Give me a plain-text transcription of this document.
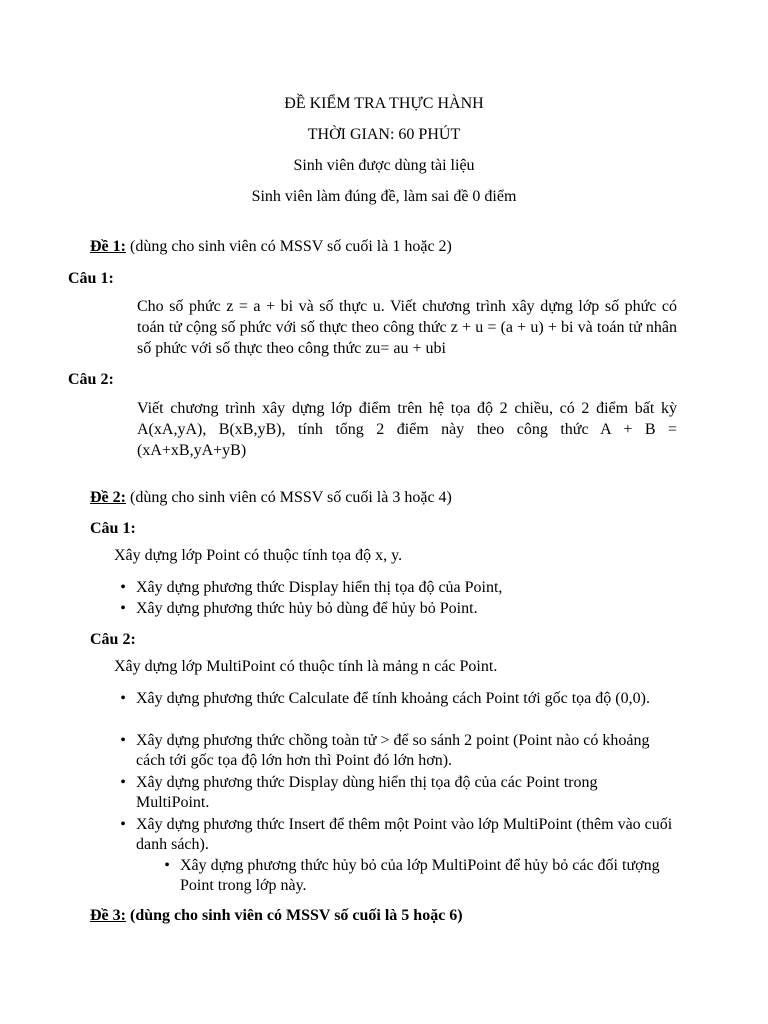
ĐỀ KIỂM TRA THỰC HÀNH
THỜI GIAN: 60 PHÚT
Sinh viên được dùng tài liệu
Sinh viên làm đúng đề, làm sai đề 0 điểm
Đề 1: (dùng cho sinh viên có MSSV số cuối là 1 hoặc 2)
Câu 1:
Cho số phức z = a + bi và số thực u. Viết chương trình xây dựng lớp số phức có toán tử cộng số phức với số thực theo công thức z + u = (a + u) + bi và toán tử nhân số phức với số thực theo công thức zu= au + ubi
Câu 2:
Viết chương trình xây dựng lớp điểm trên hệ tọa độ 2 chiều, có 2 điểm bất kỳ A(xA,yA), B(xB,yB), tính tổng 2 điểm này theo công thức A + B = (xA+xB,yA+yB)
Đề 2: (dùng cho sinh viên có MSSV số cuối là 3 hoặc 4)
Câu 1:
Xây dựng lớp Point có thuộc tính tọa độ x, y.
• Xây dựng phương thức Display hiển thị tọa độ của Point,
• Xây dựng phương thức hủy bỏ dùng để hủy bỏ Point.
Câu 2:
Xây dựng lớp MultiPoint có thuộc tính là mảng n các Point.
• Xây dựng phương thức Calculate để tính khoảng cách Point tới gốc tọa độ (0,0).
• Xây dựng phương thức chồng toàn tử > để so sánh 2 point (Point nào có khoảng cách tới gốc tọa độ lớn hơn thì Point đó lớn hơn).
• Xây dựng phương thức Display dùng hiển thị tọa độ của các Point trong MultiPoint.
• Xây dựng phương thức Insert để thêm một Point vào lớp MultiPoint (thêm vào cuối danh sách).
• Xây dựng phương thức hủy bỏ của lớp MultiPoint để hủy bỏ các đối tượng Point trong lớp này.
Đề 3: (dùng cho sinh viên có MSSV số cuối là 5 hoặc 6)
